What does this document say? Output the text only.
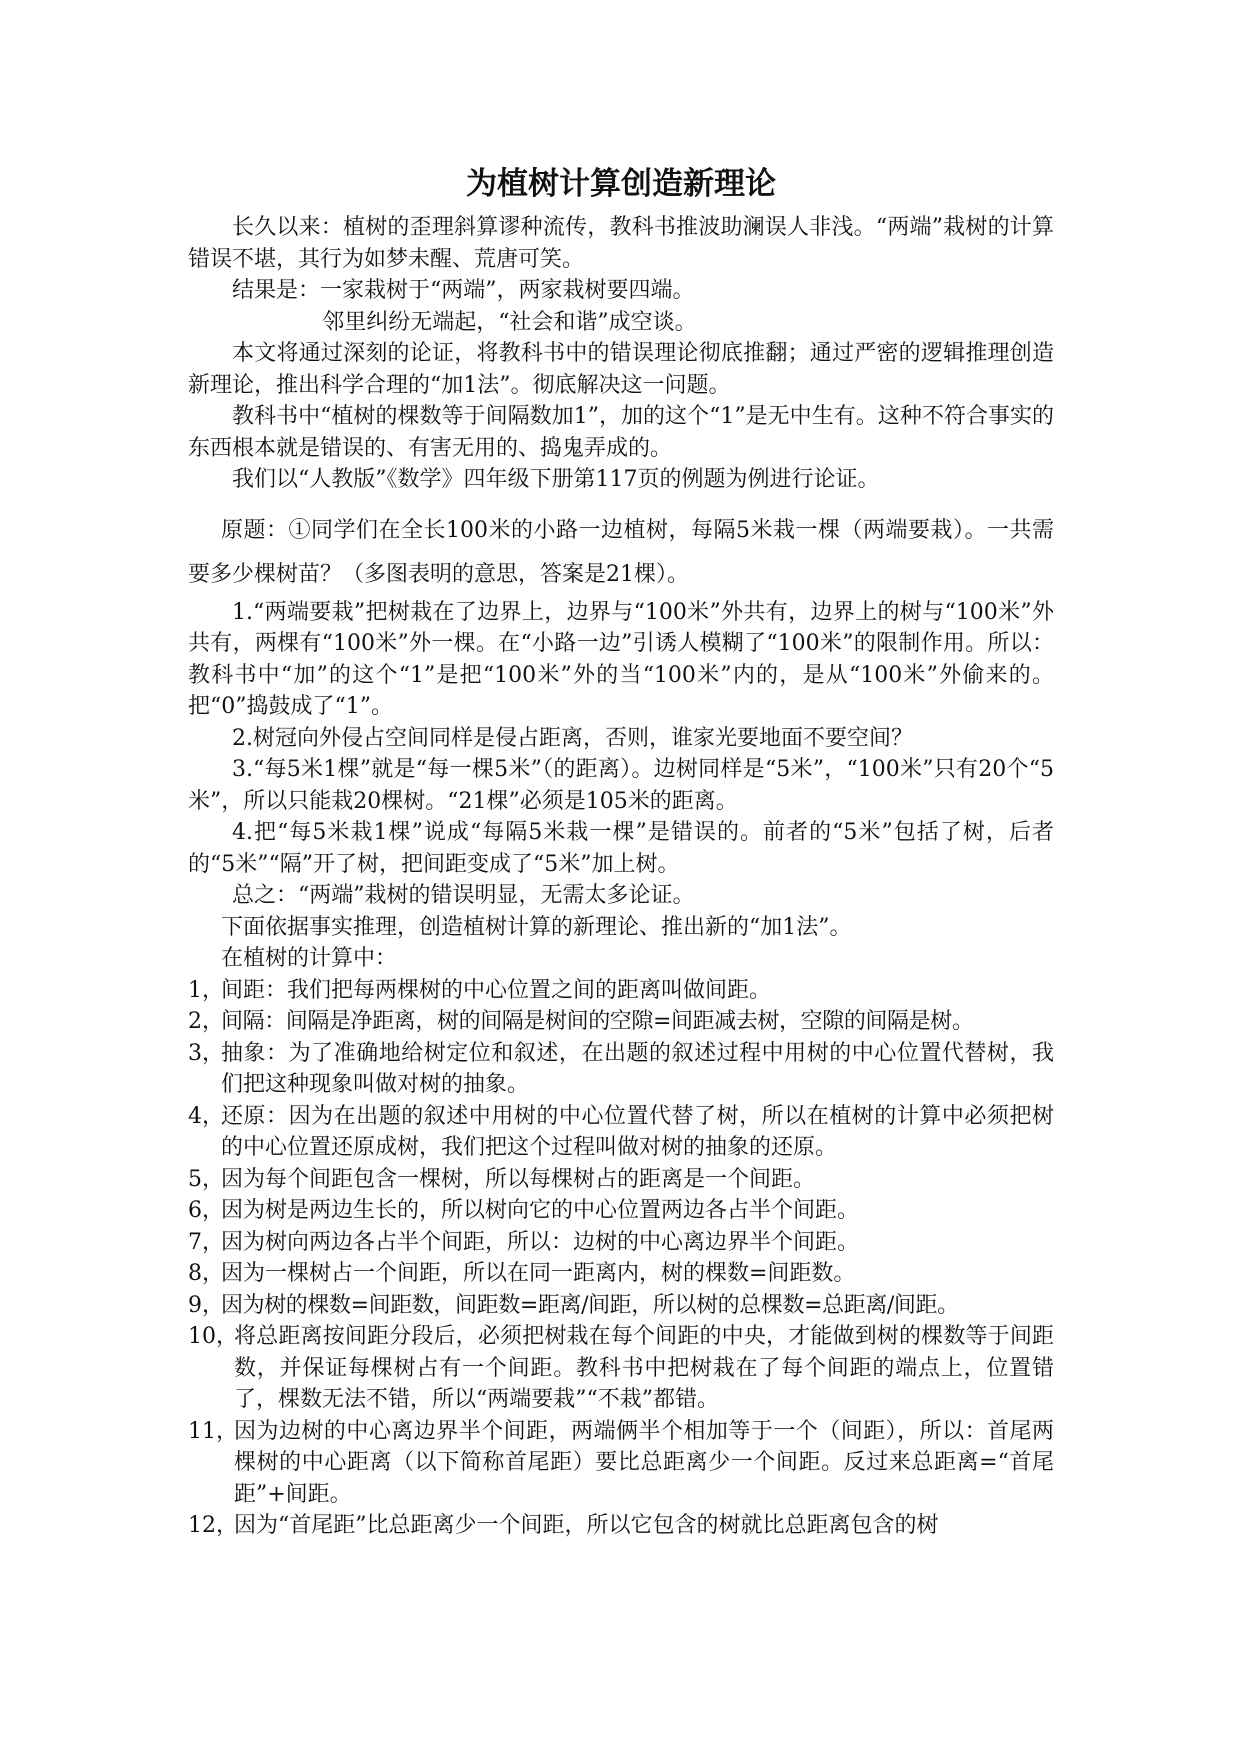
为植树计算创造新理论

长久以来：植树的歪理斜算谬种流传，教科书推波助澜误人非浅。“两端”栽树的计算错误不堪，其行为如梦未醒、荒唐可笑。

结果是：一家栽树于“两端”，两家栽树要四端。

邻里纠纷无端起，“社会和谐”成空谈。

本文将通过深刻的论证，将教科书中的错误理论彻底推翻；通过严密的逻辑推理创造新理论，推出科学合理的“加1法”。彻底解决这一问题。

教科书中“植树的棵数等于间隔数加1”，加的这个“1”是无中生有。这种不符合事实的东西根本就是错误的、有害无用的、捣鬼弄成的。

我们以“人教版”《数学》四年级下册第117页的例题为例进行论证。

原题：①同学们在全长100米的小路一边植树，每隔5米栽一棵（两端要栽）。一共需要多少棵树苗？（多图表明的意思，答案是21棵）。

1.“两端要栽”把树栽在了边界上，边界与“100米”外共有，边界上的树与“100米”外共有，两棵有“100米”外一棵。在“小路一边”引诱人模糊了“100米”的限制作用。所以：教科书中“加”的这个“1”是把“100米”外的当“100米”内的，是从“100米”外偷来的。把“0”捣鼓成了“1”。

2.树冠向外侵占空间同样是侵占距离，否则，谁家光要地面不要空间？

3.“每5米1棵”就是“每一棵5米”（的距离）。边树同样是“5米”，“100米”只有20个“5米”，所以只能栽20棵树。“21棵”必须是105米的距离。

4.把“每5米栽1棵”说成“每隔5米栽一棵”是错误的。前者的“5米”包括了树，后者的“5米”“隔”开了树，把间距变成了“5米”加上树。

总之：“两端”栽树的错误明显，无需太多论证。

下面依据事实推理，创造植树计算的新理论、推出新的“加1法”。

在植树的计算中：

1，
间距：我们把每两棵树的中心位置之间的距离叫做间距。
2，
间隔：间隔是净距离，树的间隔是树间的空隙=间距减去树，空隙的间隔是树。
3，
抽象：为了准确地给树定位和叙述，在出题的叙述过程中用树的中心位置代替树，我们把这种现象叫做对树的抽象。
4，
还原：因为在出题的叙述中用树的中心位置代替了树，所以在植树的计算中必须把树的中心位置还原成树，我们把这个过程叫做对树的抽象的还原。
5，
因为每个间距包含一棵树，所以每棵树占的距离是一个间距。
6，
因为树是两边生长的，所以树向它的中心位置两边各占半个间距。
7，
因为树向两边各占半个间距，所以：边树的中心离边界半个间距。
8，
因为一棵树占一个间距，所以在同一距离内，树的棵数=间距数。
9，
因为树的棵数=间距数，间距数=距离/间距，所以树的总棵数=总距离/间距。
10，
将总距离按间距分段后，必须把树栽在每个间距的中央，才能做到树的棵数等于间距数，并保证每棵树占有一个间距。教科书中把树栽在了每个间距的端点上，位置错了，棵数无法不错，所以“两端要栽”“不栽”都错。
11，
因为边树的中心离边界半个间距，两端俩半个相加等于一个（间距），所以：首尾两棵树的中心距离（以下简称首尾距）要比总距离少一个间距。反过来总距离=“首尾距”+间距。
12，
因为“首尾距”比总距离少一个间距，所以它包含的树就比总距离包含的树
